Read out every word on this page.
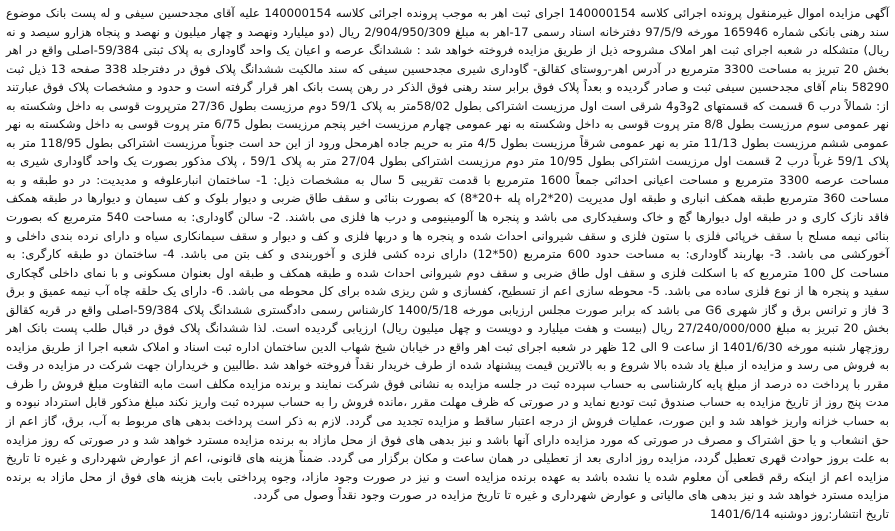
آگهی مزایده اموال غیرمنقول پرونده اجرائی کلاسه 140000154 اجرای ثبت اهر به موجب پرونده اجرائی کلاسه 140000154 علیه آقای مجدحسین سیفی و له پست بانک موضوع سند رهنی بانکی شماره 165946 مورخه 97/5/9 دفترخانه اسناد رسمی 17-اهر به مبلغ 2/904/950/309 ریال (دو میلیارد ونهصد و چهار میلیون و نهصد و پنجاه هزارو سیصد و نه ریال) متشکله در شعبه اجرای ثبت اهر املاک مشروحه ذیل از طریق مزایده فروخته خواهد شد : ششدانگ عرصه و اعیان یک واحد گاوداری به پلاک ثبتی 59/384-اصلی واقع در اهر بخش 20 تبریز به مساحت 3300 مترمربع در آدرس اهر-روستای کقالق- گاوداری شیری مجدحسین سیفی که سند مالکیت ششدانگ پلاک فوق در دفترجلد 338 صفحه 13 ذیل ثبت 58290 بنام آقای مجدحسین سیفی ثبت و صادر گردیده و بعداً پلاک فوق برابر سند رهنی فوق الذکر در رهن پست بانک اهر قرار گرفته است و حدود و مشخصات پلاک فوق عبارتند از: شمالاً درب 6 قسمت که قسمتهای 2و3و4 شرقی است اول مرزیست اشتراکی بطول 58/02متر به پلاک 59/1 دوم مرزیست بطول 27/36 مترپروت قوسی به داخل وشکسته به نهر عمومی سوم مرزیست بطول 8/8 متر پروت قوسی به داخل وشکسته به نهر عمومی چهارم مرزیست اخیر پنجم مرزیست بطول 6/75 متر پروت قوسی به داخل وشکسته به نهر عمومی ششم مرزیست بطول 11/13 متر به نهر عمومی شرقاً مرزیست بطول 4/5 متر به حریم جاده اهرمحل ورود از این حد است جنوباً مرزیست اشتراکی بطول 118/95 متر به پلاک 59/1 غرباً درب 2 قسمت اول مرزیست اشتراکی بطول 10/95 متر دوم مرزیست اشتراکی بطول 27/04 متر به پلاک 59/1 ، پلاک مذکور بصورت یک واحد گاوداری شیری به مساحت عرصه 3300 مترمربع و مساحت اعیانی احداثی جمعاً 1600 مترمربع با قدمت تقریبی 5 سال به مشخصات ذیل: 1- ساختمان انبارعلوفه و مدیدیت: در دو طبقه و به مساحت 360 مترمربع طبقه همکف انباری و طبقه اول مدیریت (20*2راه پله +20*8) که بصورت بنائی و سقف طاق ضربی و دیوار بلوک و کف سیمان و دیوارها در طبقه همکف فاقد نازک کاری و در طبقه اول دیوارها گچ و خاک وسفیدکاری می باشد و پنجره ها آلومینیومی و درب ها فلزی می باشند. 2- سالن گاوداری: به مساحت 540 مترمربع که بصورت بنائی نیمه مسلح با سقف خرپائی فلزی با ستون فلزی و سقف شیروانی احداث شده و پنجره ها و دربها فلزی و کف و دیوار و سقف سیمانکاری سیاه و دارای نرده بندی داخلی و آخورکشی می باشد. 3- بهاربند گاوداری: به مساحت حدود 600 مترمربع (50*12) دارای نرده کشی فلزی و آخوربندی و کف بتن می باشد. 4- ساختمان دو طبقه کارگری: به مساحت کل 100 مترمربع که با اسکلت فلزی و سقف اول طاق ضربی و سقف دوم شیروانی احداث شده و طبقه همکف و طبقه اول بعنوان مسکونی و با نمای داخلی گچکاری سفید و پنجره ها از نوع فلزی ساده می باشد. 5- محوطه سازی اعم از تسطیح، کفسازی و شن ریزی شده برای کل محوطه می باشد. 6- دارای یک حلقه چاه آب نیمه عمیق و برق 3 فاز و ترانس برق و گاز شهری G6 می باشد که برابر صورت مجلس ارزیابی مورخه 1400/5/18 کارشناس رسمی دادگستری ششدانگ پلاک 59/384-اصلی واقع در قریه کقالق بخش 20 تبریز به مبلغ 27/240/000/000 ریال (بیست و هفت میلیارد و دویست و چهل میلیون ریال) ارزیابی گردیده است. لذا ششدانگ پلاک فوق در قبال طلب پست بانک اهر روزچهار شنبه مورخه 1401/6/30 از ساعت 9 الی 12 ظهر در شعبه اجرای ثبت اهر واقع در خیابان شیخ شهاب الدین ساختمان اداره ثبت اسناد و املاک شعبه اجرا از طریق مزایده به فروش می رسد و مزایده از مبلغ یاد شده بالا شروع و به بالاترین قیمت پیشنهاد شده از طرف خریدار نقداً فروخته خواهد شد .طالبین و خریداران جهت شرکت در مزایده در وقت مقرر با پرداخت ده درصد از مبلغ پایه کارشناسی به حساب سپرده ثبت در جلسه مزایده به نشانی فوق شرکت نمایند و برنده مزایده مکلف است مابه التفاوت مبلغ فروش را ظرف مدت پنج روز از تاریخ مزایده به حساب صندوق ثبت تودیع نماید و در صورتی که ظرف مهلت مقرر ،مانده فروش را به حساب سپرده ثبت واریز نکند مبلغ مذکور قابل استرداد نبوده و به حساب خزانه واریز خواهد شد و این صورت، عملیات فروش از درجه اعتبار ساقط و مزایده تجدید می گردد. لازم به ذکر است پرداخت بدهی های مربوط به آب، برق، گاز اعم از حق انشعاب و یا حق اشتراک و مصرف در صورتی که مورد مزایده دارای آنها باشد و نیز بدهی های فوق از محل مازاد به برنده مزایده مسترد خواهد شد و در صورتی که روز مزایده به علت بروز حوادث قهری تعطیل گردد، مزایده روز اداری بعد از تعطیلی در همان ساعت و مکان برگزار می گردد. ضمناً هزینه های قانونی، اعم از عوارض شهرداری و غیره تا تاریخ مزایده اعم از اینکه رقم قطعی آن معلوم شده یا نشده باشد به عهده برنده مزایده است و نیز در صورت وجود مازاد، وجوه پرداختی بابت هزینه های فوق از محل مازاد به برنده مزایده مسترد خواهد شد و نیز بدهی های مالیاتی و عوارض شهرداری و غیره تا تاریخ مزایده در صورت وجود نقداً وصول می گردد.

تاریخ انتشار:روز دوشنبه 1401/6/14
